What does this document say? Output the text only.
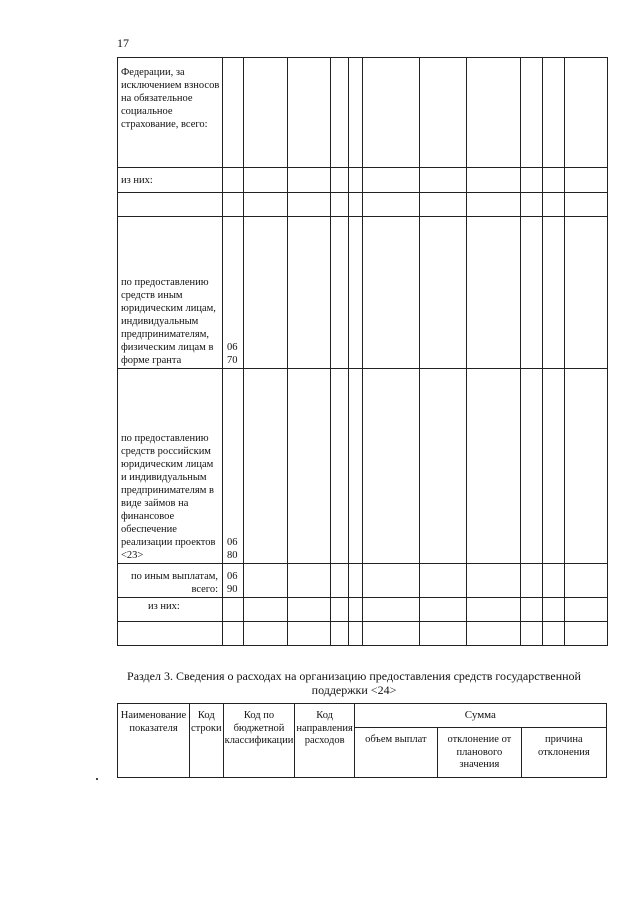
17
Федерации, за исключением взносов на обязательное социальное страхование, всего:											
из них:											

по предоставлению средств иным юридическим лицам, индивидуальным предпринимателям, физическим лицам в форме гранта	06 70										
по предоставлению средств российским юридическим лицам и индивидуальным предпринимателям в виде займов на финансовое обеспечение реализации проектов <23>	06 80										
по иным выплатам, всего:	06 90										
из них:											

Раздел 3. Сведения о расходах на организацию предоставления средств государственной поддержки <24>
Наименование показателя	Код строки	Код по бюджетной классификации	Код направления расходов	Сумма		
				объем выплат	отклонение от планового значения	причина отклонения
